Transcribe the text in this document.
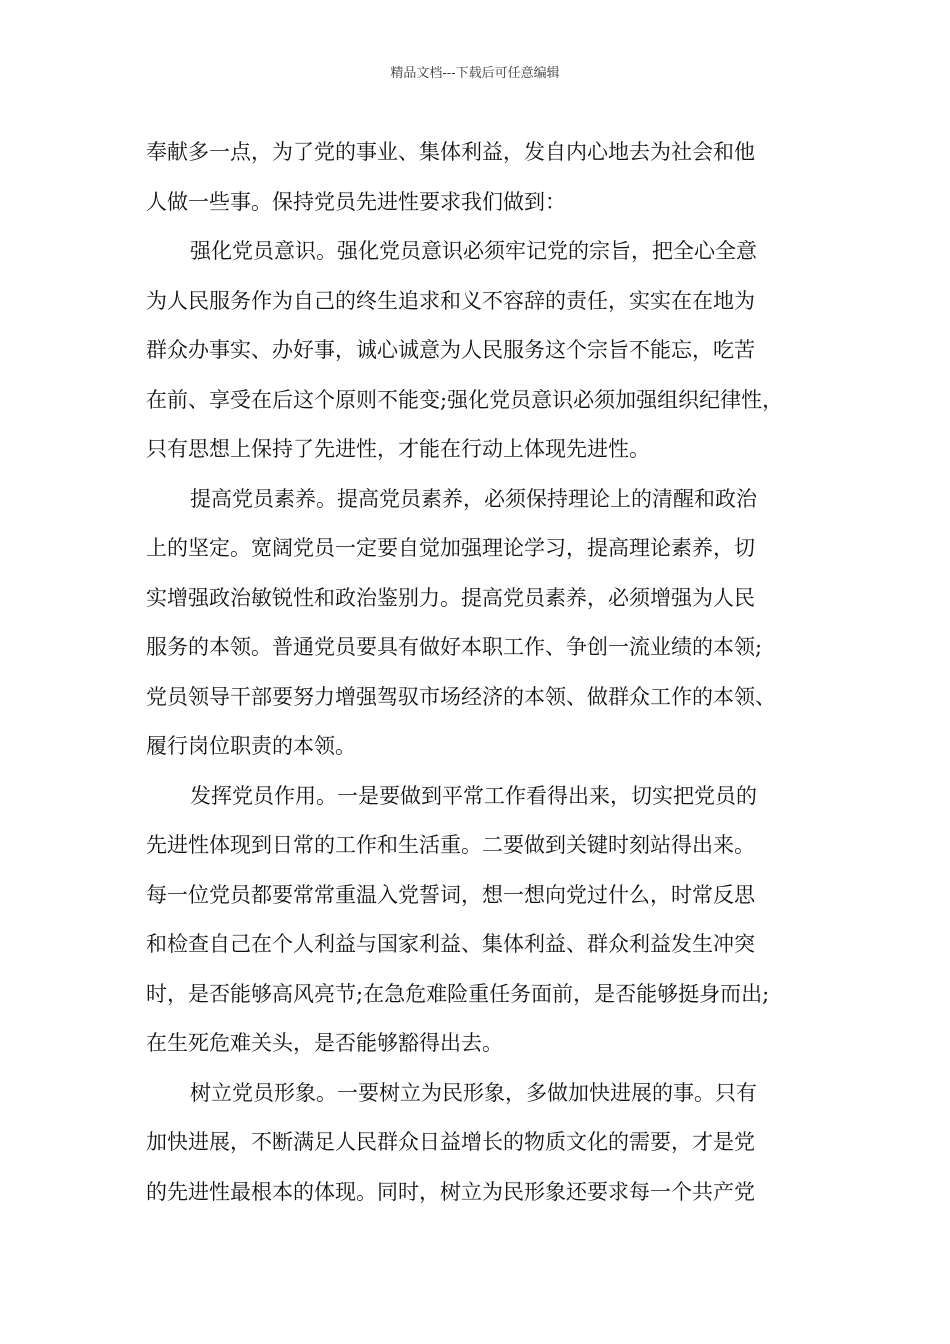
精品文档---下载后可任意编辑
奉献多一点，为了党的事业、集体利益，发自内心地去为社会和他
人做一些事。保持党员先进性要求我们做到：
强化党员意识。强化党员意识必须牢记党的宗旨，把全心全意
为人民服务作为自己的终生追求和义不容辞的责任，实实在在地为
群众办事实、办好事，诚心诚意为人民服务这个宗旨不能忘，吃苦
在前、享受在后这个原则不能变;强化党员意识必须加强组织纪律性，
只有思想上保持了先进性，才能在行动上体现先进性。
提高党员素养。提高党员素养，必须保持理论上的清醒和政治
上的坚定。宽阔党员一定要自觉加强理论学习，提高理论素养，切
实增强政治敏锐性和政治鉴别力。提高党员素养，必须增强为人民
服务的本领。普通党员要具有做好本职工作、争创一流业绩的本领;
党员领导干部要努力增强驾驭市场经济的本领、做群众工作的本领、
履行岗位职责的本领。
发挥党员作用。一是要做到平常工作看得出来，切实把党员的
先进性体现到日常的工作和生活重。二要做到关键时刻站得出来。
每一位党员都要常常重温入党誓词，想一想向党过什么，时常反思
和检查自己在个人利益与国家利益、集体利益、群众利益发生冲突
时，是否能够高风亮节;在急危难险重任务面前，是否能够挺身而出;
在生死危难关头，是否能够豁得出去。
树立党员形象。一要树立为民形象，多做加快进展的事。只有
加快进展，不断满足人民群众日益增长的物质文化的需要，才是党
的先进性最根本的体现。同时，树立为民形象还要求每一个共产党
